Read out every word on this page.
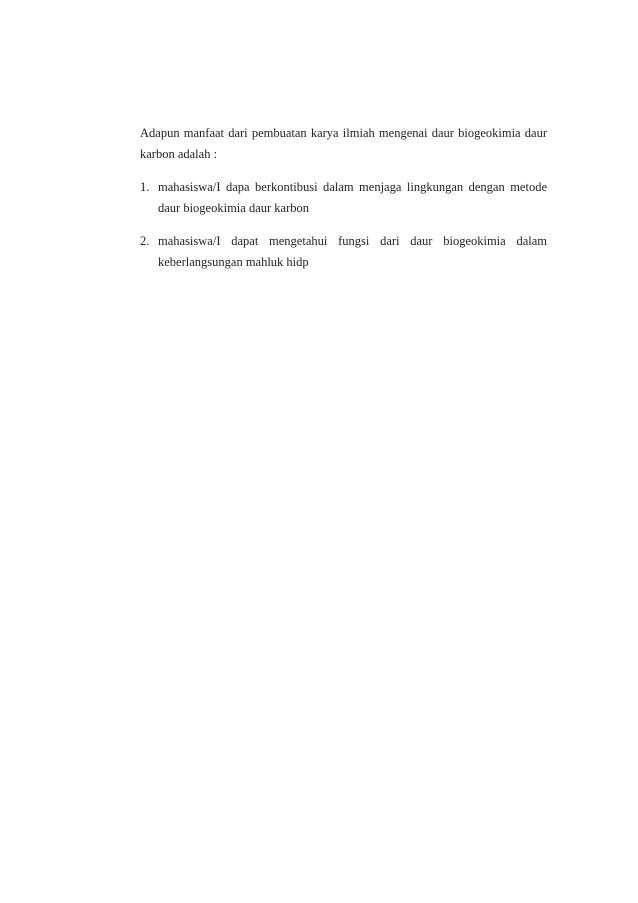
Adapun manfaat dari pembuatan karya ilmiah mengenai daur biogeokimia daur karbon adalah :

1. mahasiswa/I dapa berkontibusi dalam menjaga lingkungan dengan metode daur biogeokimia daur karbon
2. mahasiswa/I dapat mengetahui fungsi dari daur biogeokimia dalam keberlangsungan mahluk hidp
